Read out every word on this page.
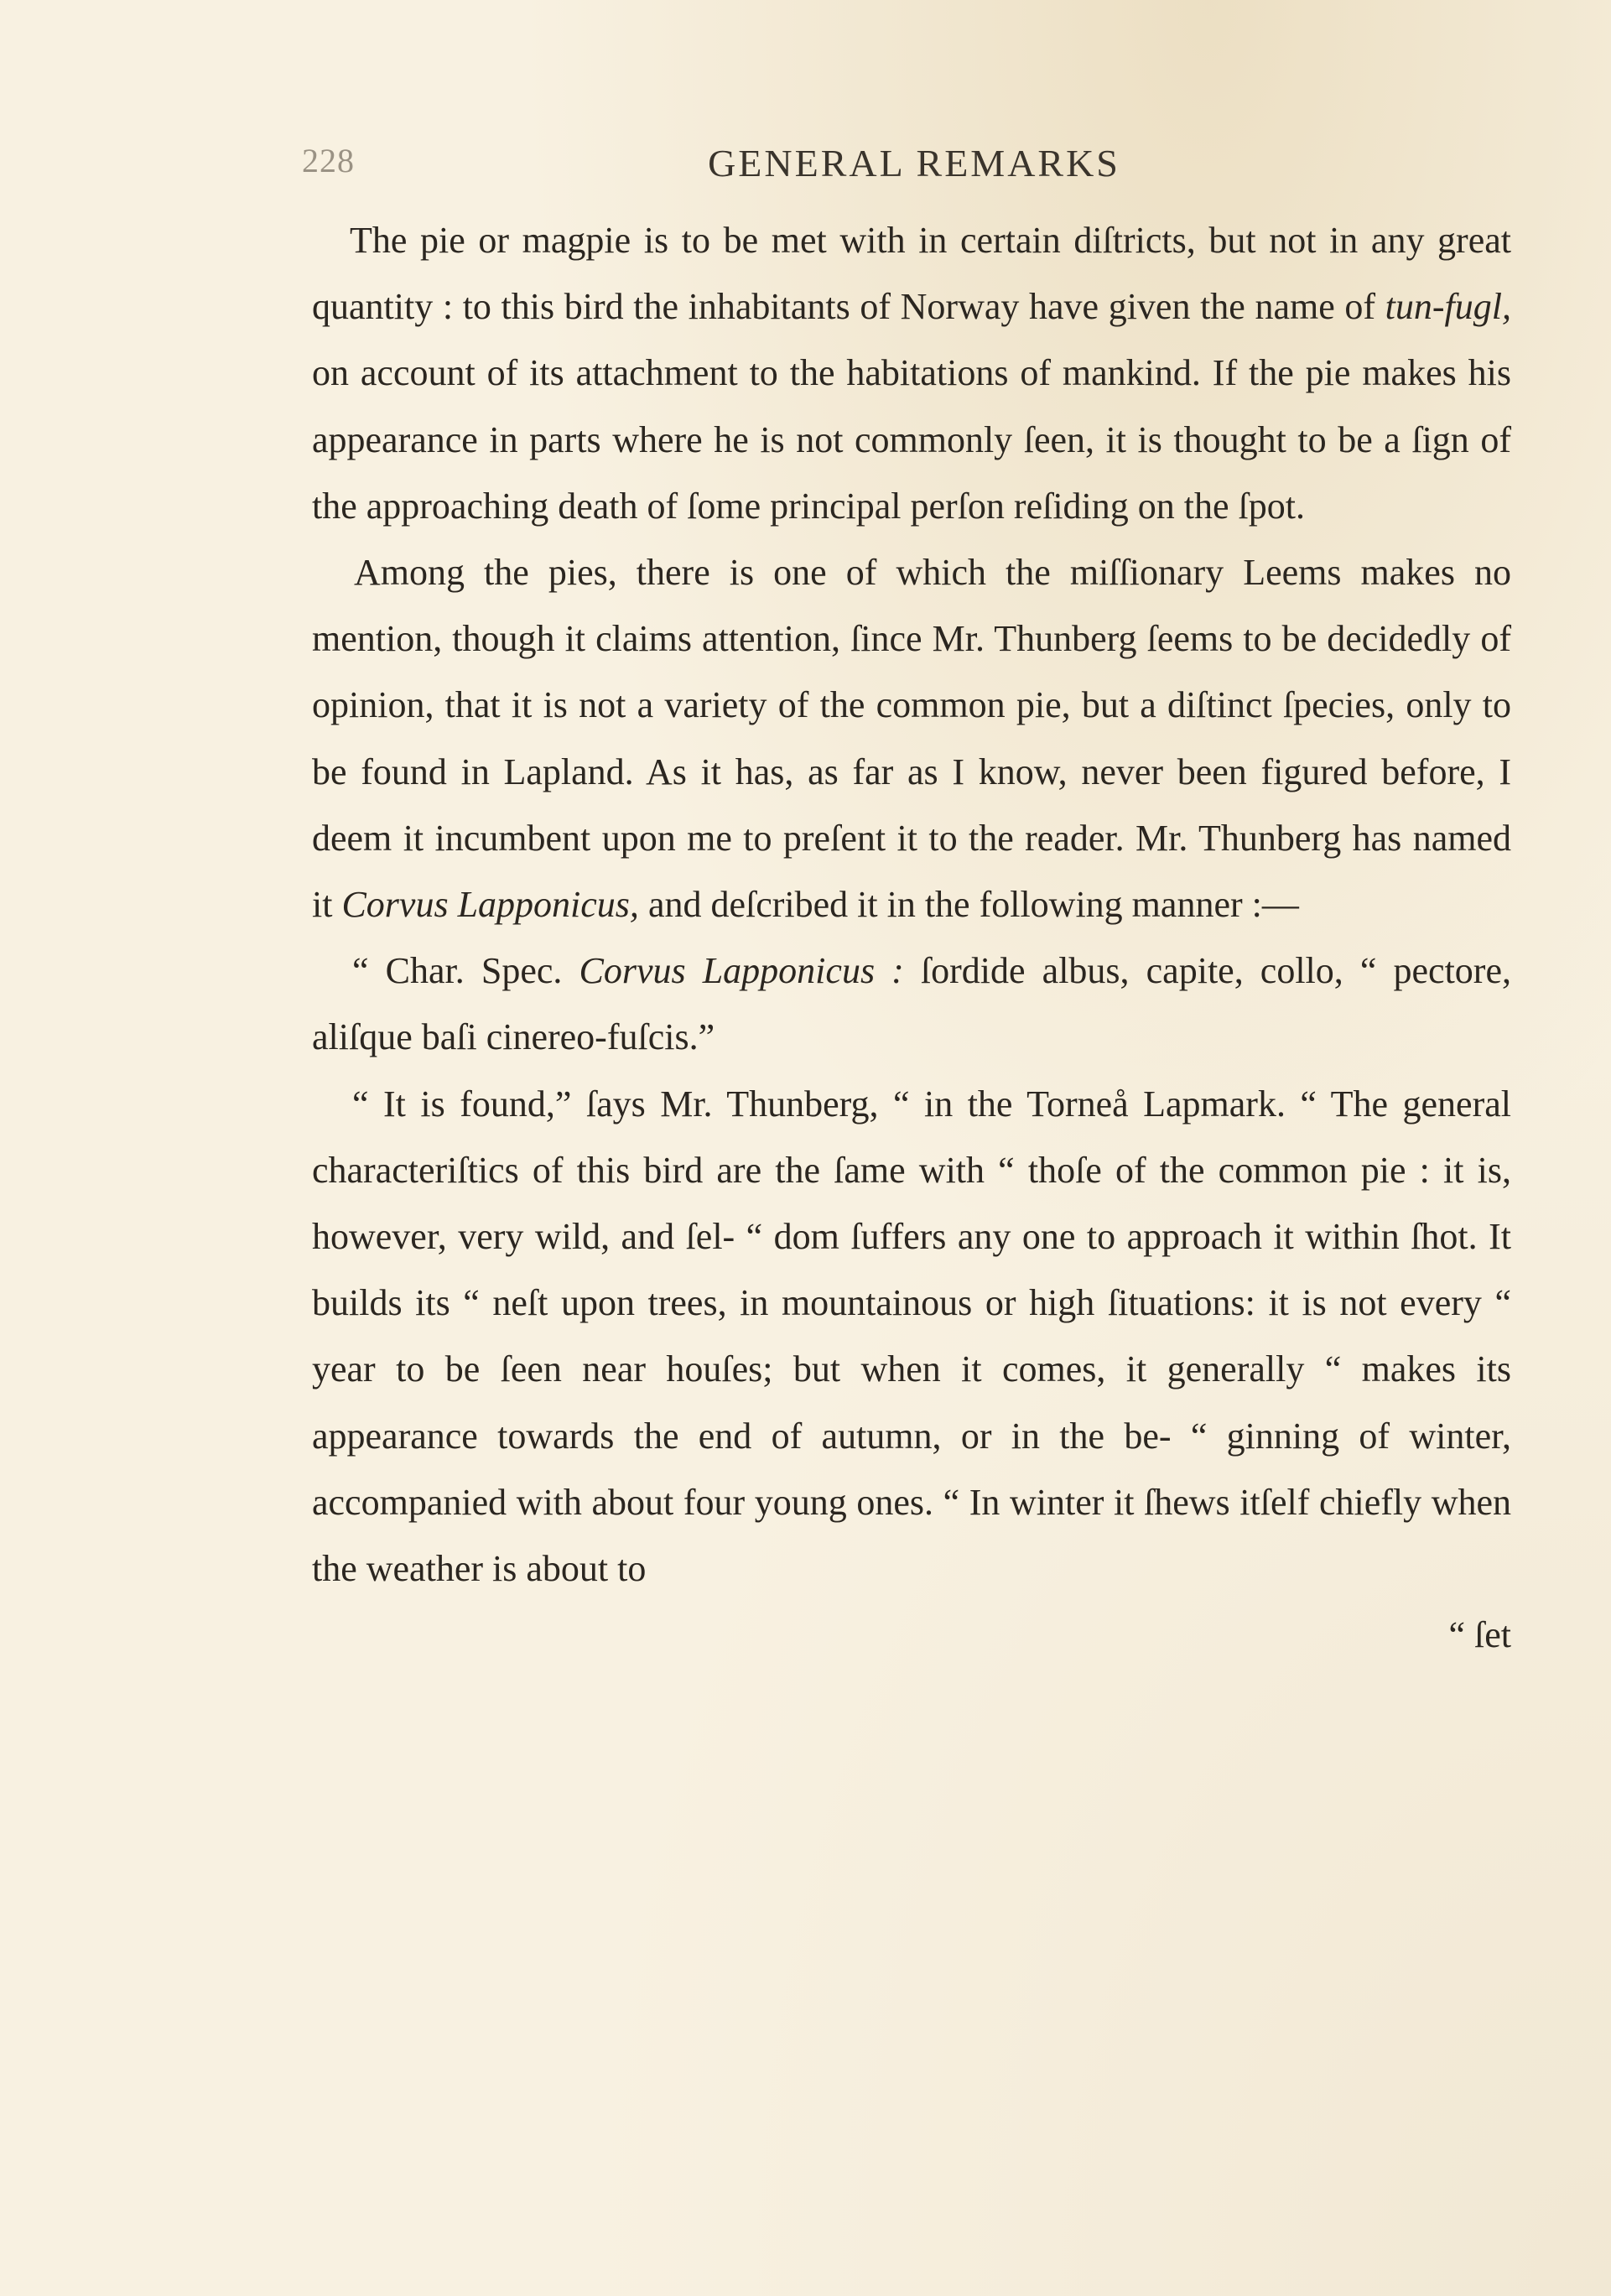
228	GENERAL REMARKS

The pie or magpie is to be met with in certain diſtricts, but not in any great quantity : to this bird the inhabitants of Norway have given the name of tun-fugl, on account of its attachment to the habitations of mankind. If the pie makes his appearance in parts where he is not commonly ſeen, it is thought to be a ſign of the approaching death of ſome principal perſon reſiding on the ſpot.

Among the pies, there is one of which the miſſionary Leems makes no mention, though it claims attention, ſince Mr. Thunberg ſeems to be decidedly of opinion, that it is not a variety of the common pie, but a diſtinct ſpecies, only to be found in Lapland. As it has, as far as I know, never been figured before, I deem it incumbent upon me to preſent it to the reader. Mr. Thunberg has named it Corvus Lapponicus, and deſcribed it in the following manner :—

“ Char. Spec. Corvus Lapponicus : ſordide albus, capite, collo, “ pectore, aliſque baſi cinereo-fuſcis.”

“ It is found,” ſays Mr. Thunberg, “ in the Torneå Lapmark. “ The general characteriſtics of this bird are the ſame with “ thoſe of the common pie : it is, however, very wild, and ſel- “ dom ſuffers any one to approach it within ſhot. It builds its “ neſt upon trees, in mountainous or high ſituations: it is not every “ year to be ſeen near houſes; but when it comes, it generally “ makes its appearance towards the end of autumn, or in the be- “ ginning of winter, accompanied with about four young ones. “ In winter it ſhews itſelf chiefly when the weather is about to

“ ſet
